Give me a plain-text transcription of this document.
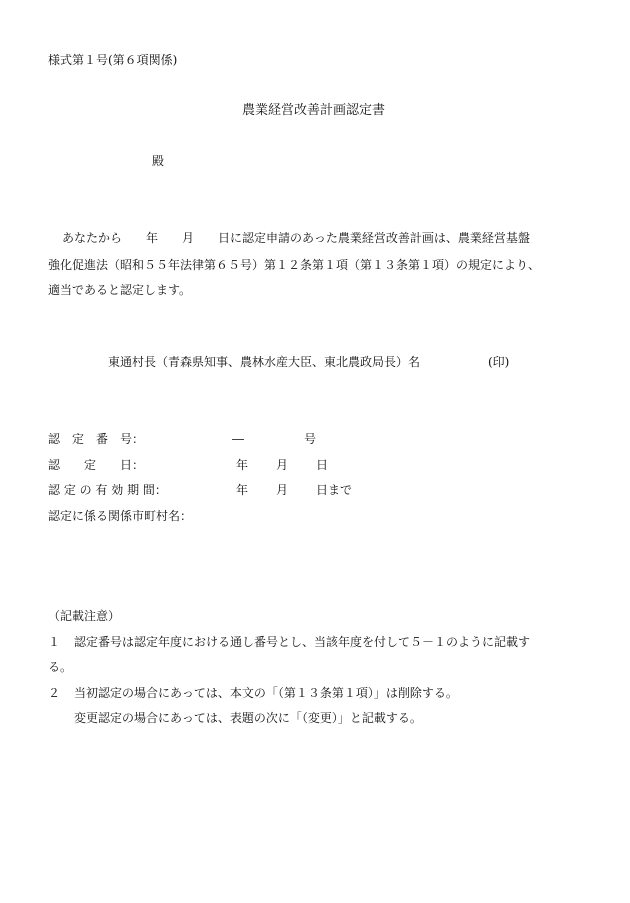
様式第１号(第６項関係)
農業経営改善計画認定書
殿
あなたから　　年　　月　　日に認定申請のあった農業経営改善計画は、農業経営基盤
強化促進法（昭和５５年法律第６５号）第１２条第１項（第１３条第１項）の規定により、
適当であると認定します。
東通村長（青森県知事、農林水産大臣、東北農政局長）名	(印)
認　定　番　号：	―	号
認　　定　　日：	年 月 日
認 定 の 有 効 期 間：	年 月 日まで
認定に係る関係市町村名：
（記載注意）
１ 認定番号は認定年度における通し番号とし、当該年度を付して５－１のように記載す
る。
２ 当初認定の場合にあっては、本文の「（第１３条第１項）」は削除する。
変更認定の場合にあっては、表題の次に「（変更）」と記載する。
